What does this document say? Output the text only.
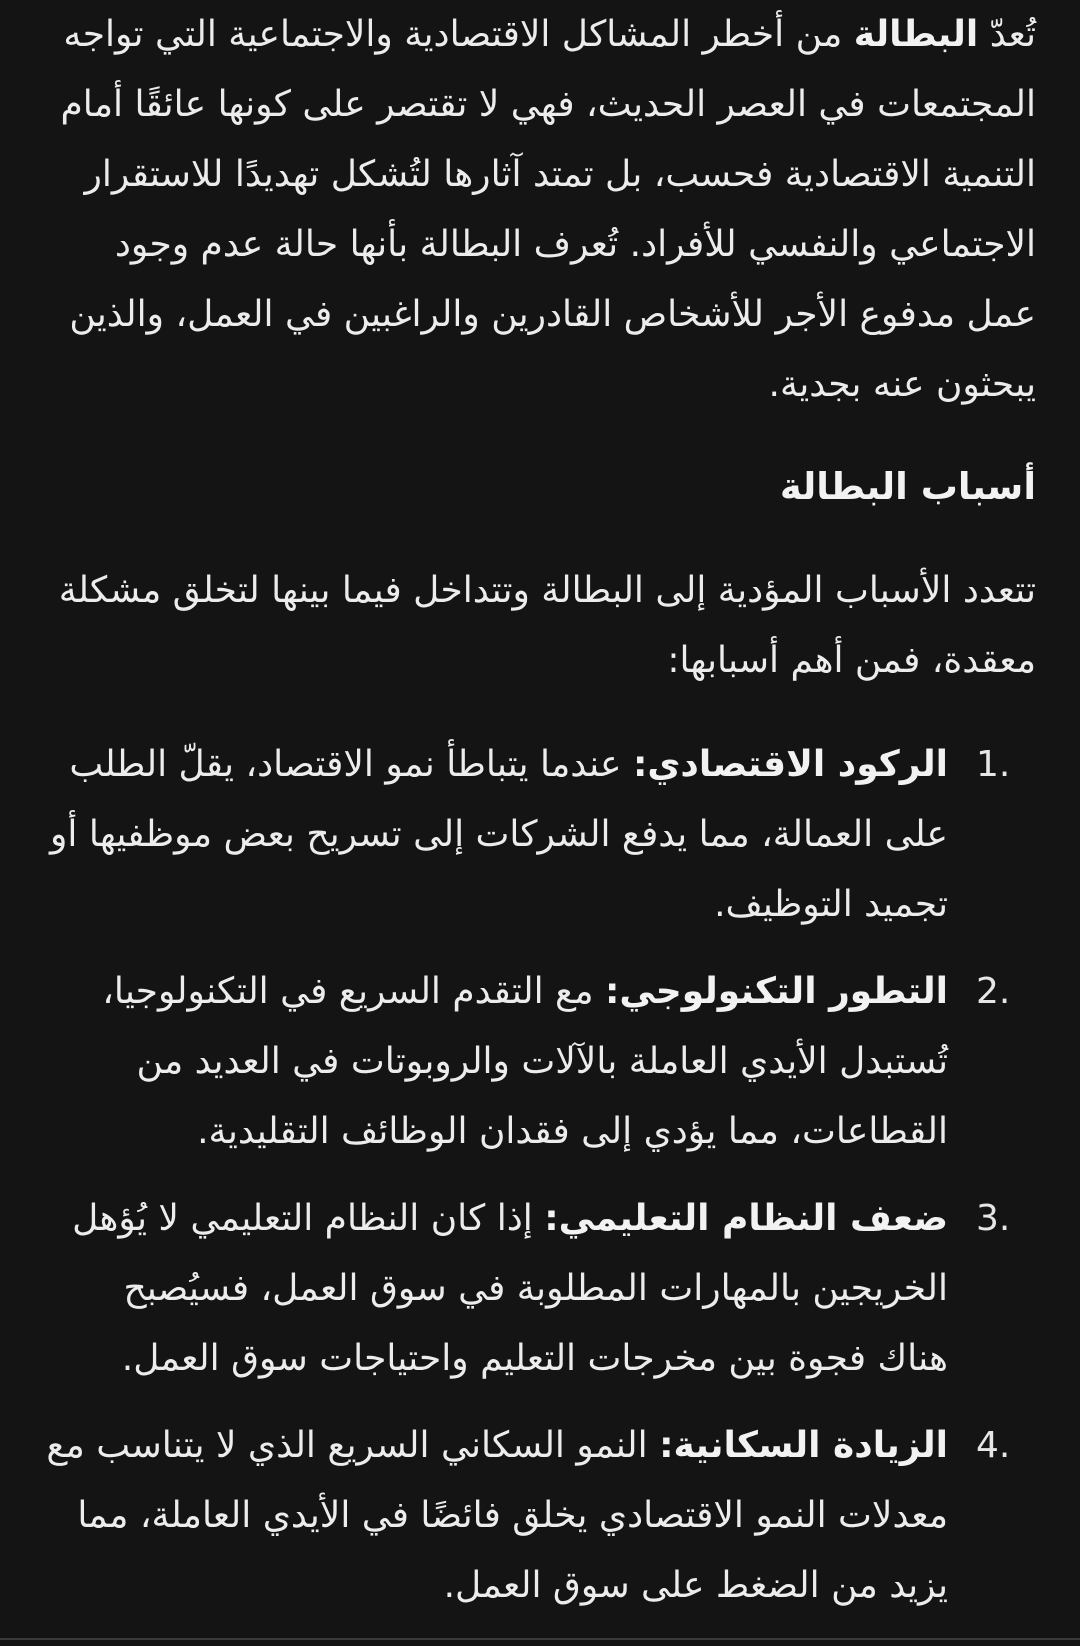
تُعدّ البطالة من أخطر المشاكل الاقتصادية والاجتماعية التي تواجه المجتمعات في العصر الحديث، فهي لا تقتصر على كونها عائقًا أمام التنمية الاقتصادية فحسب، بل تمتد آثارها لتُشكل تهديدًا للاستقرار الاجتماعي والنفسي للأفراد. تُعرف البطالة بأنها حالة عدم وجود عمل مدفوع الأجر للأشخاص القادرين والراغبين في العمل، والذين يبحثون عنه بجدية.

أسباب البطالة

تتعدد الأسباب المؤدية إلى البطالة وتتداخل فيما بينها لتخلق مشكلة معقدة، فمن أهم أسبابها:

1.
الركود الاقتصادي: عندما يتباطأ نمو الاقتصاد، يقلّ الطلب على العمالة، مما يدفع الشركات إلى تسريح بعض موظفيها أو تجميد التوظيف.
2.
التطور التكنولوجي: مع التقدم السريع في التكنولوجيا، تُستبدل الأيدي العاملة بالآلات والروبوتات في العديد من القطاعات، مما يؤدي إلى فقدان الوظائف التقليدية.
3.
ضعف النظام التعليمي: إذا كان النظام التعليمي لا يُؤهل الخريجين بالمهارات المطلوبة في سوق العمل، فسيُصبح هناك فجوة بين مخرجات التعليم واحتياجات سوق العمل.
4.
الزيادة السكانية: النمو السكاني السريع الذي لا يتناسب مع معدلات النمو الاقتصادي يخلق فائضًا في الأيدي العاملة، مما يزيد من الضغط على سوق العمل.
